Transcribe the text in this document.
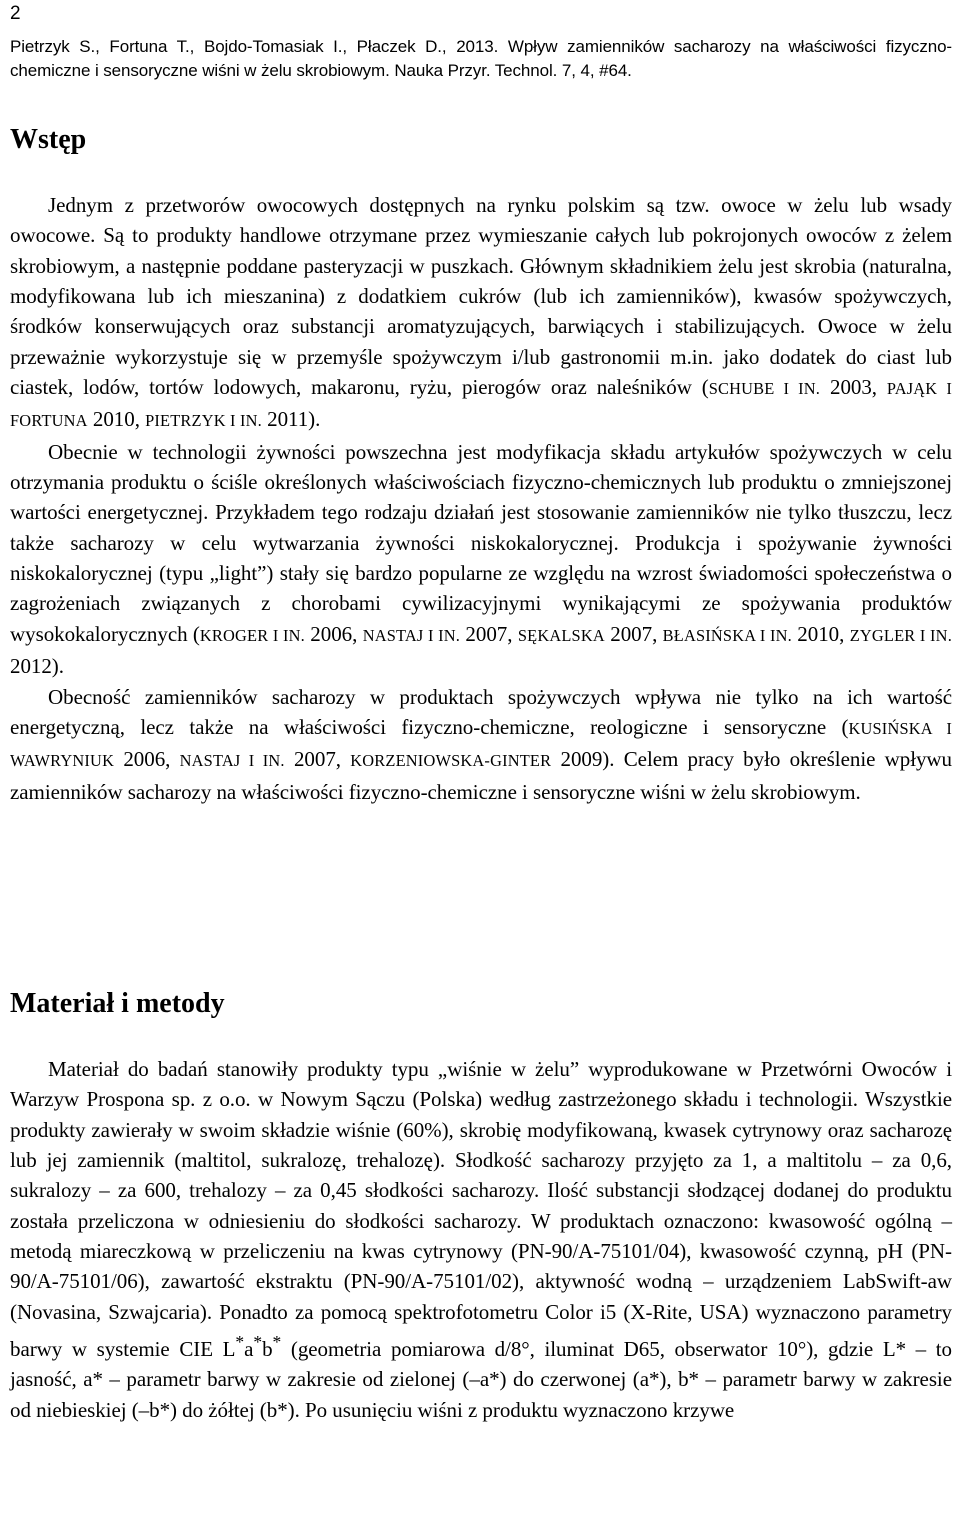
2
Pietrzyk S., Fortuna T., Bojdo-Tomasiak I., Płaczek D., 2013. Wpływ zamienników sacharozy na właściwości fizyczno-chemiczne i sensoryczne wiśni w żelu skrobiowym. Nauka Przyr. Technol. 7, 4, #64.
Wstęp

Jednym z przetworów owocowych dostępnych na rynku polskim są tzw. owoce w żelu lub wsady owocowe. Są to produkty handlowe otrzymane przez wymieszanie całych lub pokrojonych owoców z żelem skrobiowym, a następnie poddane pasteryzacji w puszkach. Głównym składnikiem żelu jest skrobia (naturalna, modyfikowana lub ich mieszanina) z dodatkiem cukrów (lub ich zamienników), kwasów spożywczych, środków konserwujących oraz substancji aromatyzujących, barwiących i stabilizujących. Owoce w żelu przeważnie wykorzystuje się w przemyśle spożywczym i/lub gastronomii m.in. jako dodatek do ciast lub ciastek, lodów, tortów lodowych, makaronu, ryżu, pierogów oraz naleśników (SCHUBE I IN. 2003, PAJĄK I FORTUNA 2010, PIETRZYK I IN. 2011).

Obecnie w technologii żywności powszechna jest modyfikacja składu artykułów spożywczych w celu otrzymania produktu o ściśle określonych właściwościach fizyczno-chemicznych lub produktu o zmniejszonej wartości energetycznej. Przykładem tego rodzaju działań jest stosowanie zamienników nie tylko tłuszczu, lecz także sacharozy w celu wytwarzania żywności niskokalorycznej. Produkcja i spożywanie żywności niskokalorycznej (typu „light”) stały się bardzo popularne ze względu na wzrost świadomości społeczeństwa o zagrożeniach związanych z chorobami cywilizacyjnymi wynikającymi ze spożywania produktów wysokokalorycznych (KROGER I IN. 2006, NASTAJ I IN. 2007, SĘKALSKA 2007, BŁASIŃSKA I IN. 2010, ZYGLER I IN. 2012).

Obecność zamienników sacharozy w produktach spożywczych wpływa nie tylko na ich wartość energetyczną, lecz także na właściwości fizyczno-chemiczne, reologiczne i sensoryczne (KUSIŃSKA I WAWRYNIUK 2006, NASTAJ I IN. 2007, KORZENIOWSKA-GINTER 2009). Celem pracy było określenie wpływu zamienników sacharozy na właściwości fizyczno-chemiczne i sensoryczne wiśni w żelu skrobiowym.

Materiał i metody

Materiał do badań stanowiły produkty typu „wiśnie w żelu” wyprodukowane w Przetwórni Owoców i Warzyw Prospona sp. z o.o. w Nowym Sączu (Polska) według zastrzeżonego składu i technologii. Wszystkie produkty zawierały w swoim składzie wiśnie (60%), skrobię modyfikowaną, kwasek cytrynowy oraz sacharozę lub jej zamiennik (maltitol, sukralozę, trehalozę). Słodkość sacharozy przyjęto za 1, a maltitolu – za 0,6, sukralozy – za 600, trehalozy – za 0,45 słodkości sacharozy. Ilość substancji słodzącej dodanej do produktu została przeliczona w odniesieniu do słodkości sacharozy. W produktach oznaczono: kwasowość ogólną – metodą miareczkową w przeliczeniu na kwas cytrynowy (PN-90/A-75101/04), kwasowość czynną, pH (PN-90/A-75101/06), zawartość ekstraktu (PN-90/A-75101/02), aktywność wodną – urządzeniem LabSwift-aw (Novasina, Szwajcaria). Ponadto za pomocą spektrofotometru Color i5 (X-Rite, USA) wyznaczono parametry barwy w systemie CIE L*a*b* (geometria pomiarowa d/8°, iluminat D65, obserwator 10°), gdzie L* – to jasność, a* – parametr barwy w zakresie od zielonej (–a*) do czerwonej (a*), b* – parametr barwy w zakresie od niebieskiej (–b*) do żółtej (b*). Po usunięciu wiśni z produktu wyznaczono krzywe
